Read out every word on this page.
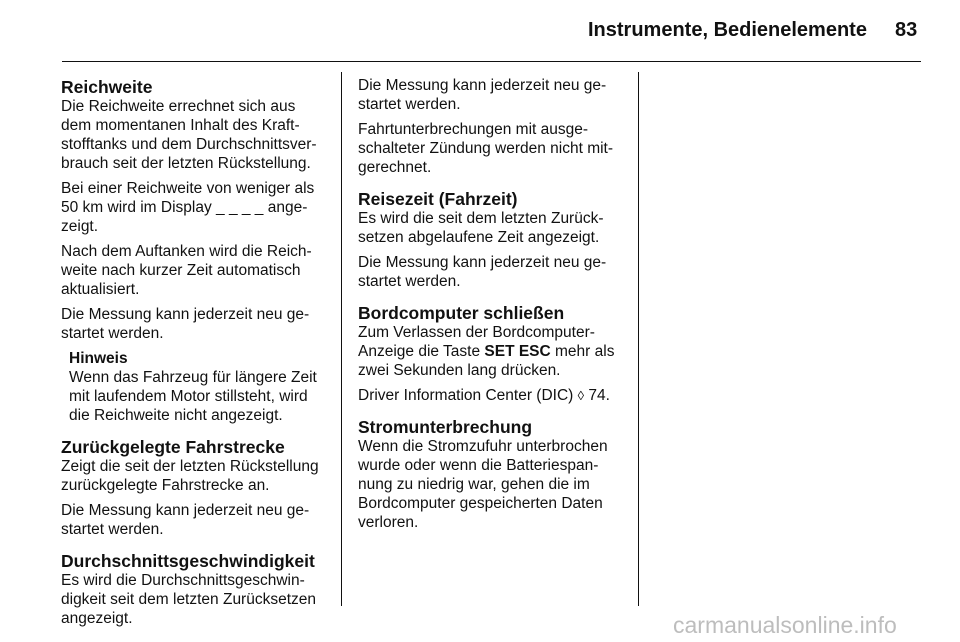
Instrumente, Bedienelemente 83
Reichweite
Die Reichweite errechnet sich aus
dem momentanen Inhalt des Kraft-
stofftanks und dem Durchschnittsver-
brauch seit der letzten Rückstellung.
Bei einer Reichweite von weniger als
50 km wird im Display _ _ _ _ ange-
zeigt.
Nach dem Auftanken wird die Reich-
weite nach kurzer Zeit automatisch
aktualisiert.
Die Messung kann jederzeit neu ge-
startet werden.
Hinweis
Wenn das Fahrzeug für längere Zeit
mit laufendem Motor stillsteht, wird
die Reichweite nicht angezeigt.
Zurückgelegte Fahrstrecke
Zeigt die seit der letzten Rückstellung
zurückgelegte Fahrstrecke an.
Die Messung kann jederzeit neu ge-
startet werden.
Durchschnittsgeschwindigkeit
Es wird die Durchschnittsgeschwin-
digkeit seit dem letzten Zurücksetzen
angezeigt.
Die Messung kann jederzeit neu ge-
startet werden.
Fahrtunterbrechungen mit ausge-
schalteter Zündung werden nicht mit-
gerechnet.
Reisezeit (Fahrzeit)
Es wird die seit dem letzten Zurück-
setzen abgelaufene Zeit angezeigt.
Die Messung kann jederzeit neu ge-
startet werden.
Bordcomputer schließen
Zum Verlassen der Bordcomputer-
Anzeige die Taste SET ESC mehr als
zwei Sekunden lang drücken.
Driver Information Center (DIC) ◊ 74.
Stromunterbrechung
Wenn die Stromzufuhr unterbrochen
wurde oder wenn die Batteriespan-
nung zu niedrig war, gehen die im
Bordcomputer gespeicherten Daten
verloren.
carmanualsonline.info
